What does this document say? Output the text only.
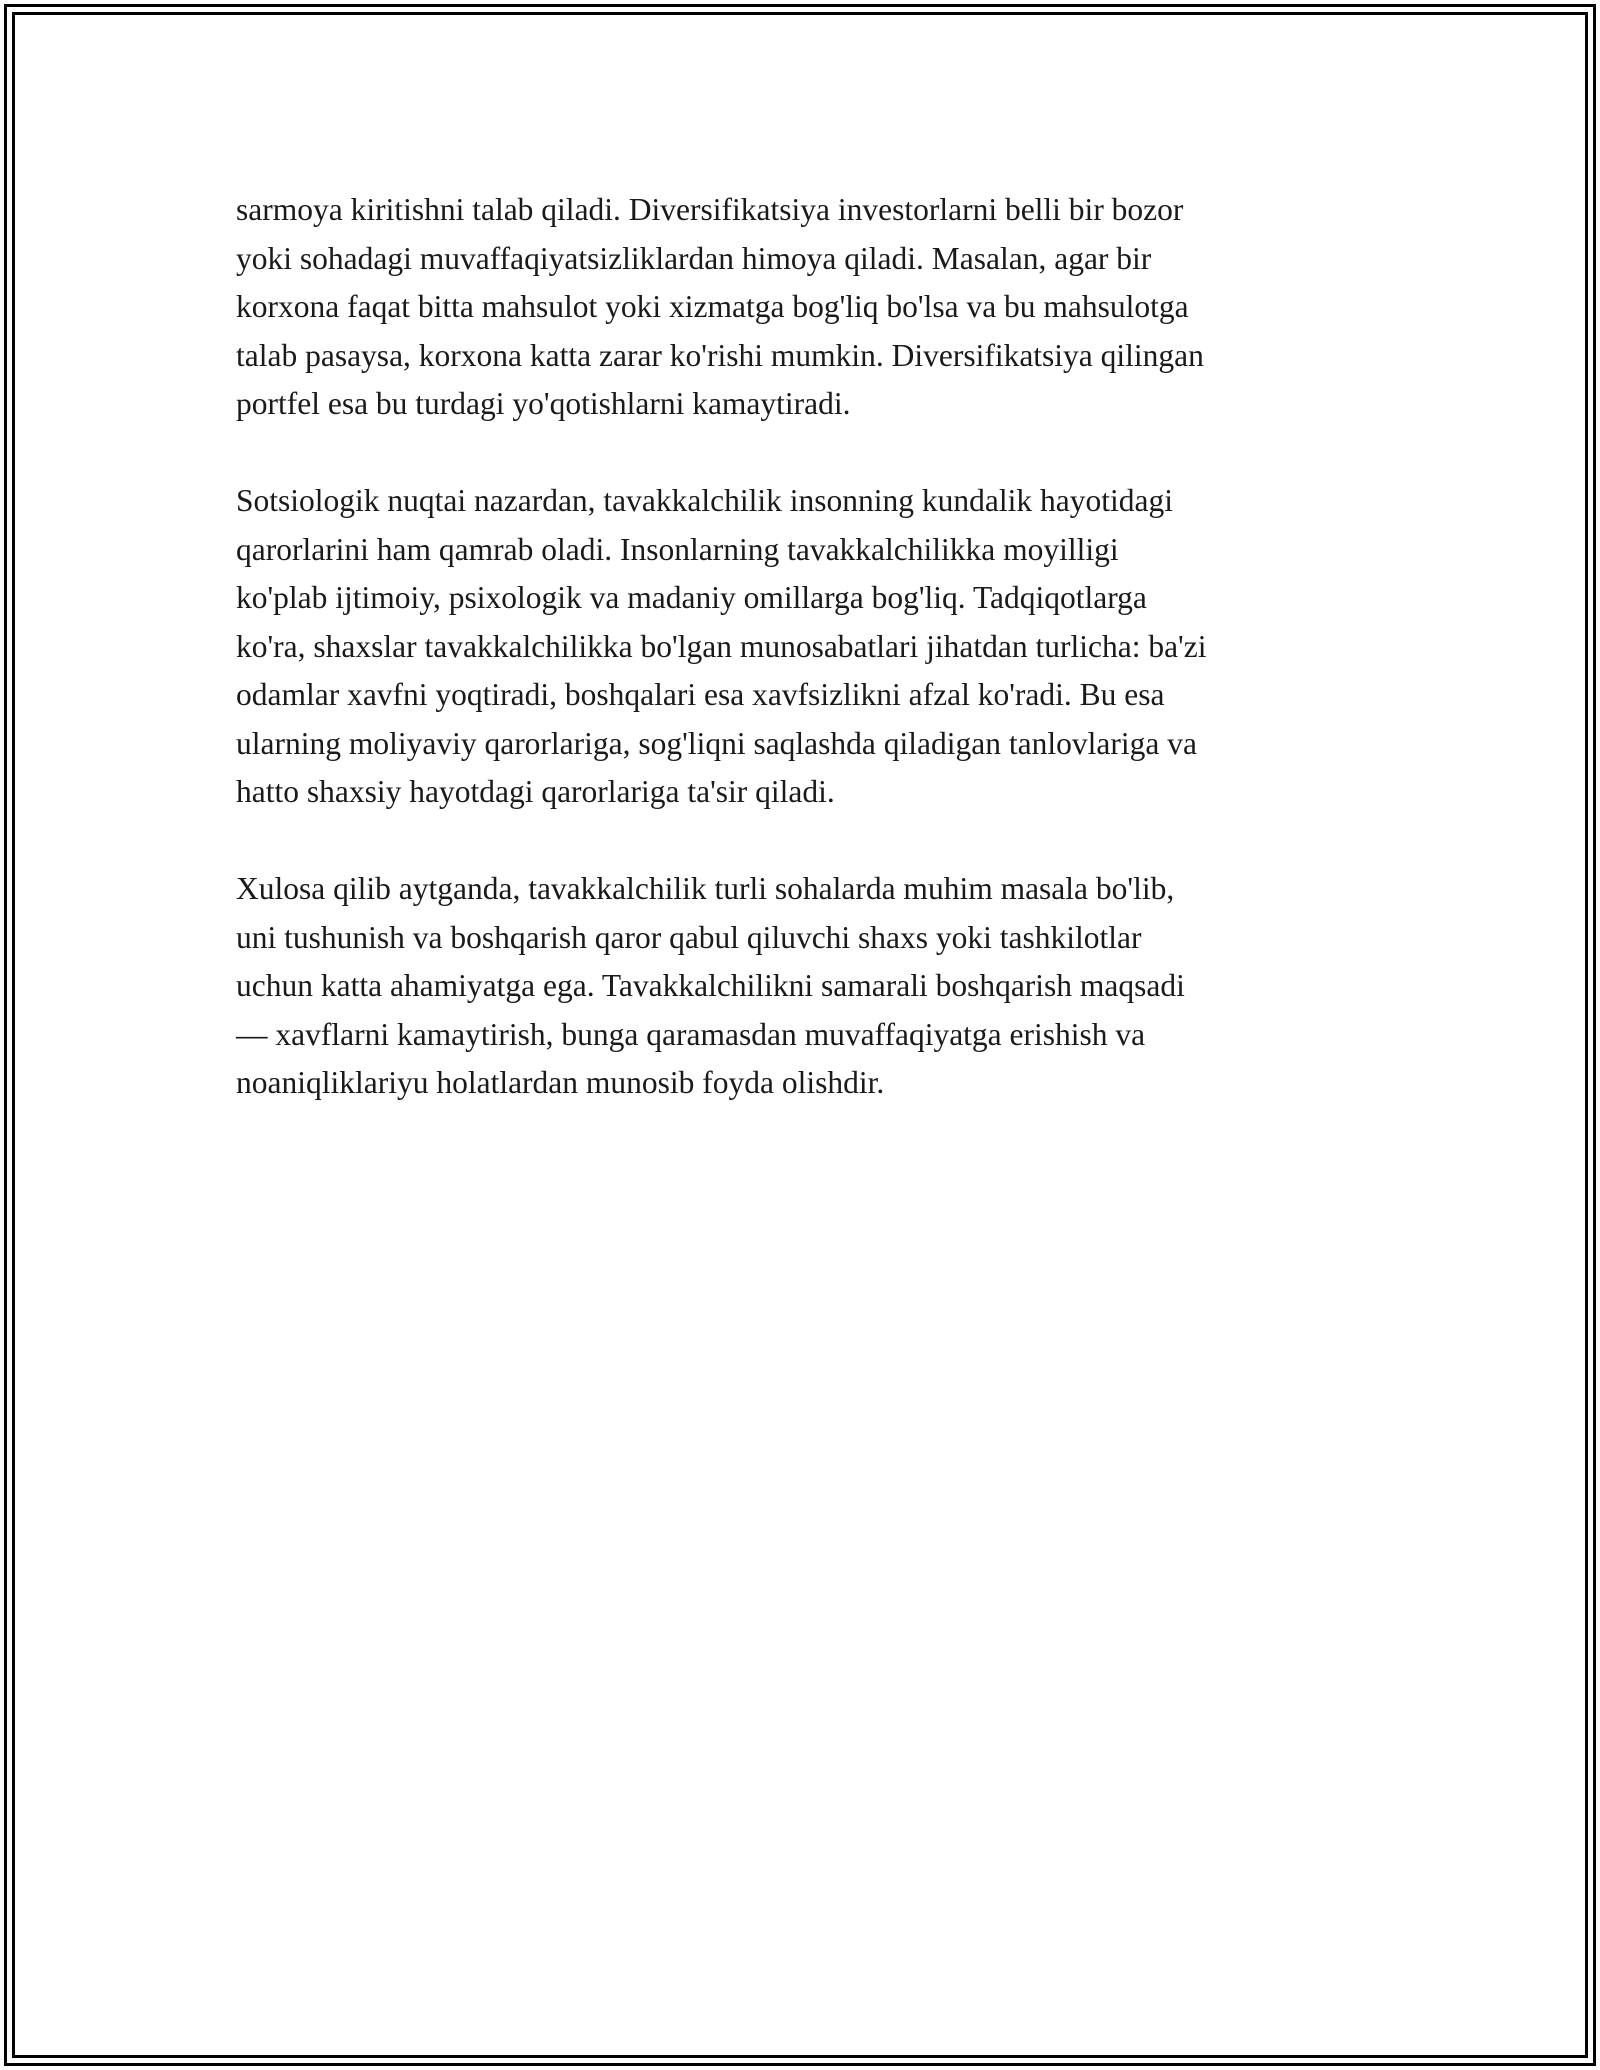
sarmoya kiritishni talab qiladi. Diversifikatsiya investorlarni belli bir bozor
yoki sohadagi muvaffaqiyatsizliklardan himoya qiladi. Masalan, agar bir
korxona faqat bitta mahsulot yoki xizmatga bog'liq bo'lsa va bu mahsulotga
talab pasaysa, korxona katta zarar ko'rishi mumkin. Diversifikatsiya qilingan
portfel esa bu turdagi yo'qotishlarni kamaytiradi.

Sotsiologik nuqtai nazardan, tavakkalchilik insonning kundalik hayotidagi
qarorlarini ham qamrab oladi. Insonlarning tavakkalchilikka moyilligi
ko'plab ijtimoiy, psixologik va madaniy omillarga bog'liq. Tadqiqotlarga
ko'ra, shaxslar tavakkalchilikka bo'lgan munosabatlari jihatdan turlicha: ba'zi
odamlar xavfni yoqtiradi, boshqalari esa xavfsizlikni afzal ko'radi. Bu esa
ularning moliyaviy qarorlariga, sog'liqni saqlashda qiladigan tanlovlariga va
hatto shaxsiy hayotdagi qarorlariga ta'sir qiladi.

Xulosa qilib aytganda, tavakkalchilik turli sohalarda muhim masala bo'lib,
uni tushunish va boshqarish qaror qabul qiluvchi shaxs yoki tashkilotlar
uchun katta ahamiyatga ega. Tavakkalchilikni samarali boshqarish maqsadi
— xavflarni kamaytirish, bunga qaramasdan muvaffaqiyatga erishish va
noaniqliklariyu holatlardan munosib foyda olishdir.
